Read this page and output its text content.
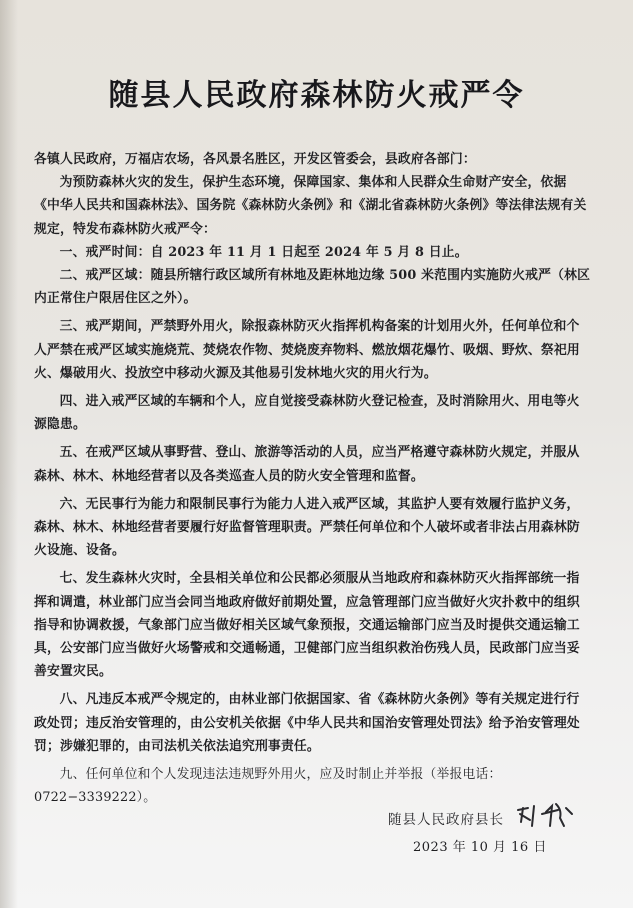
随县人民政府森林防火戒严令

各镇人民政府，万福店农场，各风景名胜区，开发区管委会，县政府各部门：

为预防森林火灾的发生，保护生态环境，保障国家、集体和人民群众生命财产安全，依据《中华人民共和国森林法》、国务院《森林防火条例》和《湖北省森林防火条例》等法律法规有关规定，特发布森林防火戒严令：

一、戒严时间：自 2023 年 11 月 1 日起至 2024 年 5 月 8 日止。

二、戒严区域：随县所辖行政区域所有林地及距林地边缘 500 米范围内实施防火戒严（林区内正常住户限居住区之外）。

三、戒严期间，严禁野外用火，除报森林防灭火指挥机构备案的计划用火外，任何单位和个人严禁在戒严区域实施烧荒、焚烧农作物、焚烧废弃物料、燃放烟花爆竹、吸烟、野炊、祭祀用火、爆破用火、投放空中移动火源及其他易引发林地火灾的用火行为。

四、进入戒严区域的车辆和个人，应自觉接受森林防火登记检查，及时消除用火、用电等火源隐患。

五、在戒严区域从事野营、登山、旅游等活动的人员，应当严格遵守森林防火规定，并服从森林、林木、林地经营者以及各类巡查人员的防火安全管理和监督。

六、无民事行为能力和限制民事行为能力人进入戒严区域，其监护人要有效履行监护义务，森林、林木、林地经营者要履行好监督管理职责。严禁任何单位和个人破坏或者非法占用森林防火设施、设备。

七、发生森林火灾时，全县相关单位和公民都必须服从当地政府和森林防灭火指挥部统一指挥和调遣，林业部门应当会同当地政府做好前期处置，应急管理部门应当做好火灾扑救中的组织指导和协调救援，气象部门应当做好相关区域气象预报，交通运输部门应当及时提供交通运输工具，公安部门应当做好火场警戒和交通畅通，卫健部门应当组织救治伤残人员，民政部门应当妥善安置灾民。

八、凡违反本戒严令规定的，由林业部门依据国家、省《森林防火条例》等有关规定进行行政处罚；违反治安管理的，由公安机关依据《中华人民共和国治安管理处罚法》给予治安管理处罚；涉嫌犯罪的，由司法机关依法追究刑事责任。

九、任何单位和个人发现违法违规野外用火，应及时制止并举报（举报电话：0722−3339222）。

随县人民政府县长
2023 年 10 月 16 日
